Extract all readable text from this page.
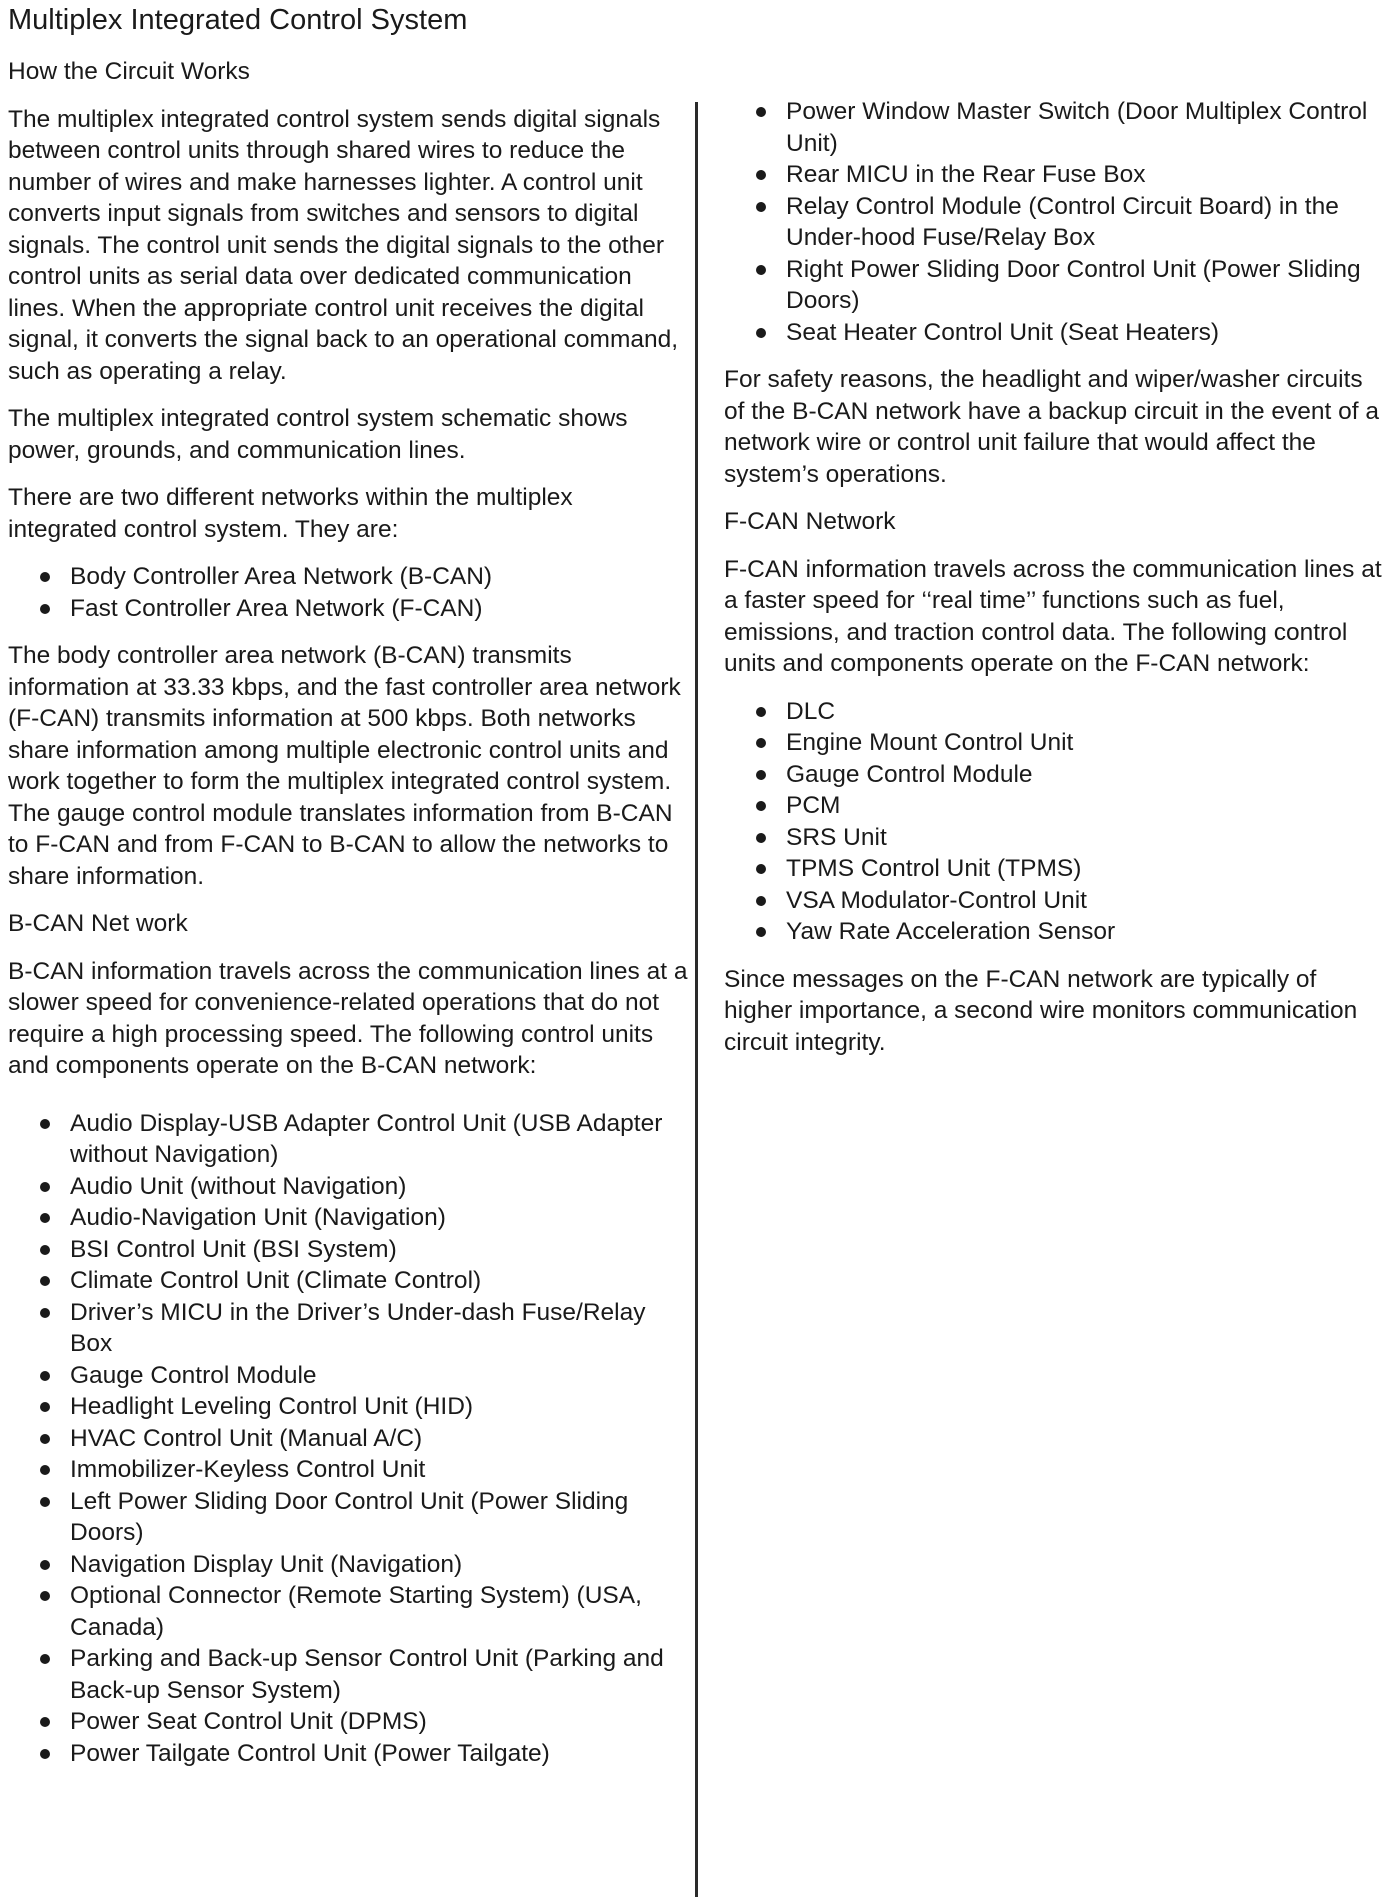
Multiplex Integrated Control System
How the Circuit Works

The multiplex integrated control system sends digital signals between control units through shared wires to reduce the number of wires and make harnesses lighter. A control unit converts input signals from switches and sensors to digital signals. The control unit sends the digital signals to the other control units as serial data over dedicated communication lines. When the appropriate control unit receives the digital signal, it converts the signal back to an operational command, such as operating a relay.

The multiplex integrated control system schematic shows power, grounds, and communication lines.

There are two different networks within the multiplex integrated control system. They are:

Body Controller Area Network (B-CAN)
Fast Controller Area Network (F-CAN)

The body controller area network (B-CAN) transmits information at 33.33 kbps, and the fast controller area network (F-CAN) transmits information at 500 kbps. Both networks share information among multiple electronic control units and work together to form the multiplex integrated control system. The gauge control module translates information from B-CAN to F-CAN and from F-CAN to B-CAN to allow the networks to share information.

B-CAN Net work

B-CAN information travels across the communication lines at a slower speed for convenience-related operations that do not require a high processing speed. The following control units and components operate on the B-CAN network:

Audio Display-USB Adapter Control Unit (USB Adapter without Navigation)
Audio Unit (without Navigation)
Audio-Navigation Unit (Navigation)
BSI Control Unit (BSI System)
Climate Control Unit (Climate Control)
Driver’s MICU in the Driver’s Under-dash Fuse/Relay Box
Gauge Control Module
Headlight Leveling Control Unit (HID)
HVAC Control Unit (Manual A/C)
Immobilizer-Keyless Control Unit
Left Power Sliding Door Control Unit (Power Sliding Doors)
Navigation Display Unit (Navigation)
Optional Connector (Remote Starting System) (USA, Canada)
Parking and Back-up Sensor Control Unit (Parking and Back-up Sensor System)
Power Seat Control Unit (DPMS)
Power Tailgate Control Unit (Power Tailgate)
Power Window Master Switch (Door Multiplex Control Unit)
Rear MICU in the Rear Fuse Box
Relay Control Module (Control Circuit Board) in the Under-hood Fuse/Relay Box
Right Power Sliding Door Control Unit (Power Sliding Doors)
Seat Heater Control Unit (Seat Heaters)

For safety reasons, the headlight and wiper/washer circuits of the B-CAN network have a backup circuit in the event of a network wire or control unit failure that would affect the system’s operations.

F-CAN Network

F-CAN information travels across the communication lines at a faster speed for ‘‘real time’’ functions such as fuel, emissions, and traction control data. The following control units and components operate on the F-CAN network:

DLC
Engine Mount Control Unit
Gauge Control Module
PCM
SRS Unit
TPMS Control Unit (TPMS)
VSA Modulator-Control Unit
Yaw Rate Acceleration Sensor

Since messages on the F-CAN network are typically of higher importance, a second wire monitors communication circuit integrity.
